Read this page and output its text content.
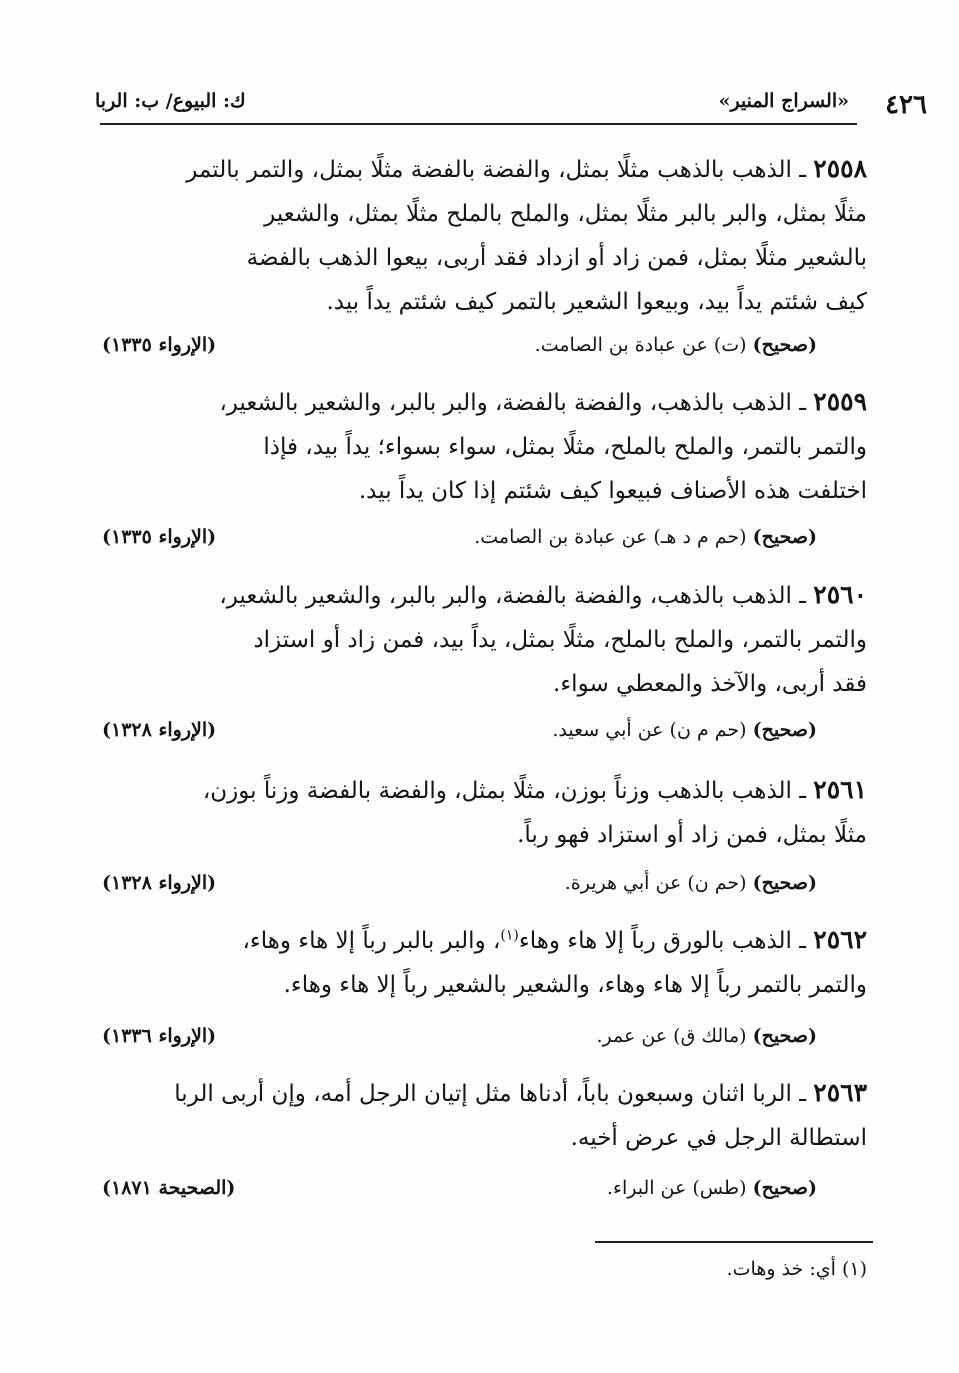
٤٢٦
«السراج المنير»
ك: البيوع/ ب: الربا

٢٥٥٨ ـ الذهب بالذهب مثلًا بمثل، والفضة بالفضة مثلًا بمثل، والتمر بالتمر

مثلًا بمثل، والبر بالبر مثلًا بمثل، والملح بالملح مثلًا بمثل، والشعير

بالشعير مثلًا بمثل، فمن زاد أو ازداد فقد أربى، بيعوا الذهب بالفضة

كيف شئتم يداً بيد، وبيعوا الشعير بالتمر كيف شئتم يداً بيد.

(صحيح) (ت) عن عبادة بن الصامت.
(الإرواء ١٣٣٥)

٢٥٥٩ ـ الذهب بالذهب، والفضة بالفضة، والبر بالبر، والشعير بالشعير،

والتمر بالتمر، والملح بالملح، مثلًا بمثل، سواء بسواء؛ يداً بيد، فإذا

اختلفت هذه الأصناف فبيعوا كيف شئتم إذا كان يداً بيد.

(صحيح) (حم م د هـ) عن عبادة بن الصامت.
(الإرواء ١٣٣٥)

٢٥٦٠ ـ الذهب بالذهب، والفضة بالفضة، والبر بالبر، والشعير بالشعير،

والتمر بالتمر، والملح بالملح، مثلًا بمثل، يداً بيد، فمن زاد أو استزاد

فقد أربى، والآخذ والمعطي سواء.

(صحيح) (حم م ن) عن أبي سعيد.
(الإرواء ١٣٢٨)

٢٥٦١ ـ الذهب بالذهب وزناً بوزن، مثلًا بمثل، والفضة بالفضة وزناً بوزن،

مثلًا بمثل، فمن زاد أو استزاد فهو رباً.

(صحيح) (حم ن) عن أبي هريرة.
(الإرواء ١٣٢٨)

٢٥٦٢ ـ الذهب بالورق رباً إلا هاء وهاء$^{(١)}$، والبر بالبر رباً إلا هاء وهاء،

والتمر بالتمر رباً إلا هاء وهاء، والشعير بالشعير رباً إلا هاء وهاء.

(صحيح) (مالك ق) عن عمر.
(الإرواء ١٣٣٦)

٢٥٦٣ ـ الربا اثنان وسبعون باباً، أدناها مثل إتيان الرجل أمه، وإن أربى الربا

استطالة الرجل في عرض أخيه.

(صحيح) (طس) عن البراء.
(الصحيحة ١٨٧١)
(١) أي: خذ وهات.
